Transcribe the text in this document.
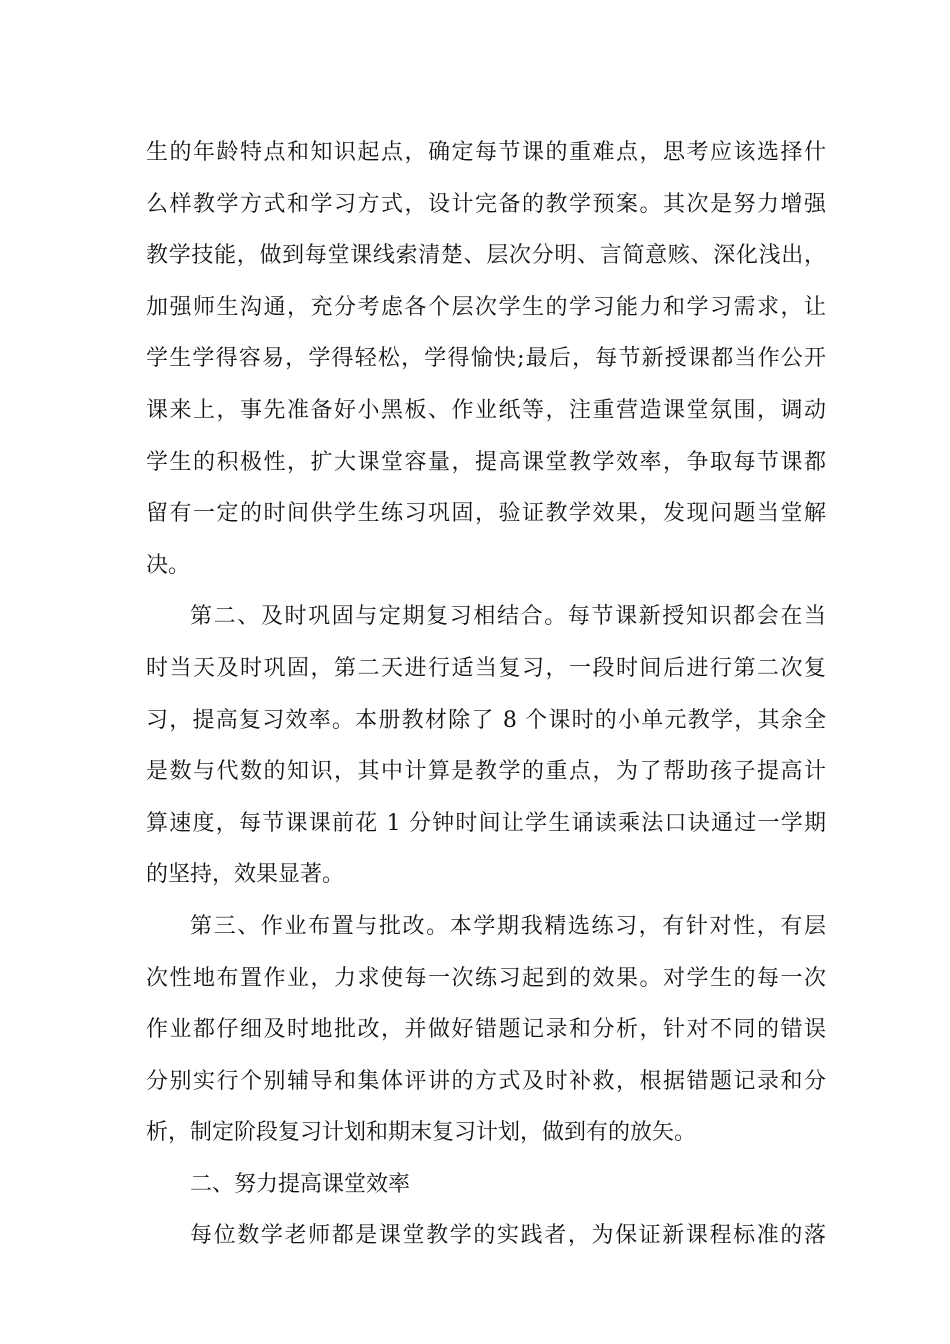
生的年龄特点和知识起点，确定每节课的重难点，思考应该选择什
么样教学方式和学习方式，设计完备的教学预案。其次是努力增强
教学技能，做到每堂课线索清楚、层次分明、言简意赅、深化浅出，
加强师生沟通，充分考虑各个层次学生的学习能力和学习需求，让
学生学得容易，学得轻松，学得愉快;最后，每节新授课都当作公开
课来上，事先准备好小黑板、作业纸等，注重营造课堂氛围，调动
学生的积极性，扩大课堂容量，提高课堂教学效率，争取每节课都
留有一定的时间供学生练习巩固，验证教学效果，发现问题当堂解
决。
第二、及时巩固与定期复习相结合。每节课新授知识都会在当
时当天及时巩固，第二天进行适当复习，一段时间后进行第二次复
习，提高复习效率。本册教材除了 8 个课时的小单元教学，其余全
是数与代数的知识，其中计算是教学的重点，为了帮助孩子提高计
算速度，每节课课前花 1 分钟时间让学生诵读乘法口诀通过一学期
的坚持，效果显著。
第三、作业布置与批改。本学期我精选练习，有针对性，有层
次性地布置作业，力求使每一次练习起到的效果。对学生的每一次
作业都仔细及时地批改，并做好错题记录和分析，针对不同的错误
分别实行个别辅导和集体评讲的方式及时补救，根据错题记录和分
析，制定阶段复习计划和期末复习计划，做到有的放矢。
二、努力提高课堂效率
每位数学老师都是课堂教学的实践者，为保证新课程标准的落
